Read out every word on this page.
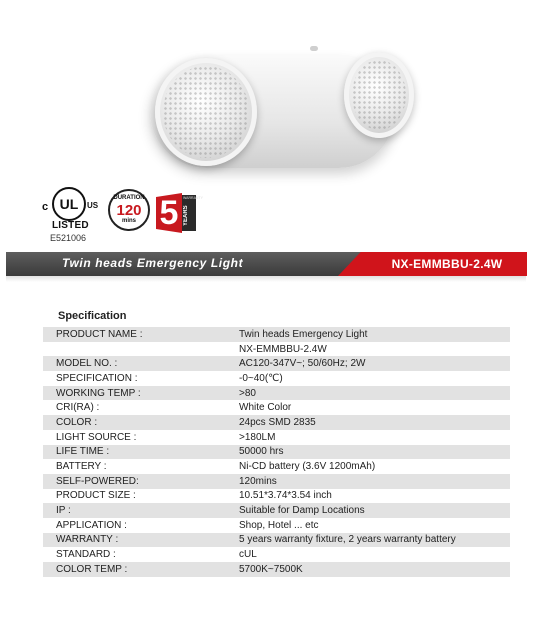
c UL	US
LISTED
E521006
DURATION
120
mins 5 WARRANTY
YEARS
Twin heads Emergency Light	NX-EMMBBU-2.4W
Specification
PRODUCT NAME :	Twin heads Emergency Light
NX-EMMBBU-2.4W
MODEL NO. :	AC120-347V~; 50/60Hz; 2W
SPECIFICATION :	-0~40(℃)
WORKING TEMP :	>80
CRI(RA) :	White Color
COLOR :	24pcs SMD 2835
LIGHT SOURCE :	>180LM
LIFE TIME :	50000 hrs
BATTERY :	Ni-CD battery (3.6V 1200mAh)
SELF-POWERED:	120mins
PRODUCT SIZE :	10.51*3.74*3.54 inch
IP :	Suitable for Damp Locations
APPLICATION :	Shop, Hotel ... etc
WARRANTY :	5 years warranty fixture, 2 years warranty battery
STANDARD :	cUL
COLOR TEMP :	5700K~7500K
